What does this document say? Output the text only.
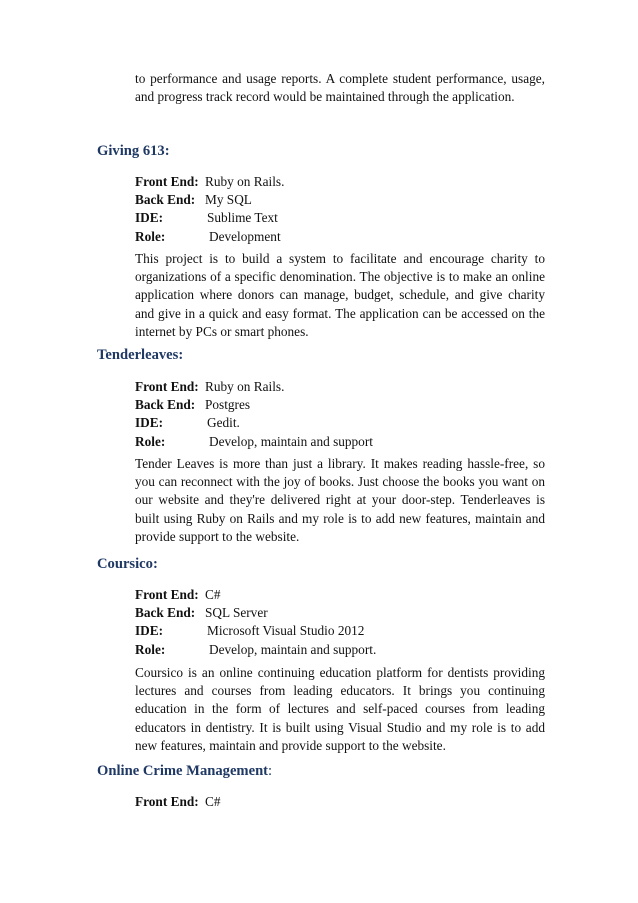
to performance and usage reports. A complete student performance, usage, and progress track record would be maintained through the application.

Giving 613:
Front End: Ruby on Rails.
Back End: My SQL
IDE:	Sublime Text
Role:	Development

This project is to build a system to facilitate and encourage charity to organizations of a specific denomination. The objective is to make an online application where donors can manage, budget, schedule, and give charity and give in a quick and easy format. The application can be accessed on the internet by PCs or smart phones.

Tenderleaves:
Front End: Ruby on Rails.
Back End: Postgres
IDE:	Gedit.
Role:	Develop, maintain and support

Tender Leaves is more than just a library. It makes reading hassle-free, so you can reconnect with the joy of books. Just choose the books you want on our website and they're delivered right at your door-step. Tenderleaves is built using Ruby on Rails and my role is to add new features, maintain and provide support to the website.

Coursico:
Front End: C#
Back End: SQL Server
IDE:	Microsoft Visual Studio 2012
Role:	Develop, maintain and support.

Coursico is an online continuing education platform for dentists providing lectures and courses from leading educators. It brings you continuing education in the form of lectures and self-paced courses from leading educators in dentistry. It is built using Visual Studio and my role is to add new features, maintain and provide support to the website.

Online Crime Management:
Front End: C#
